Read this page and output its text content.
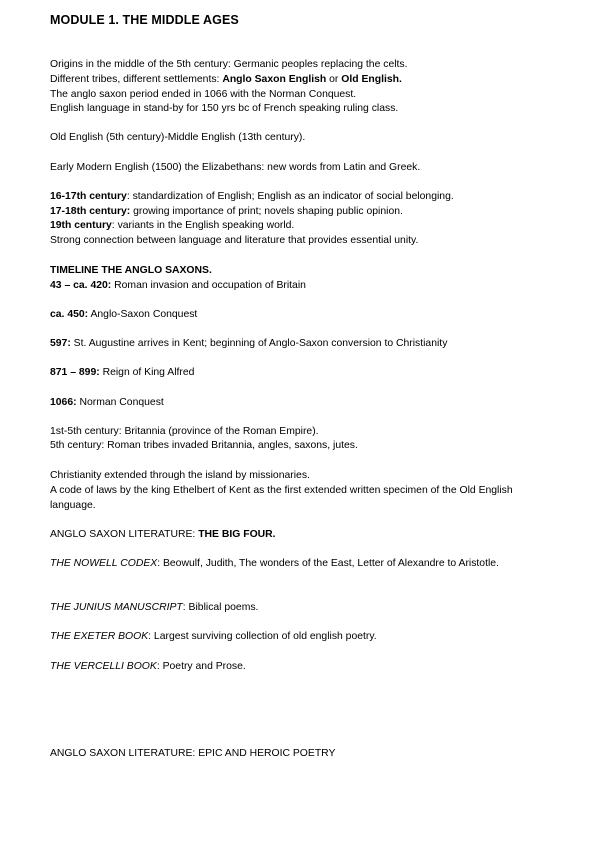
MODULE 1. THE MIDDLE AGES
Origins in the middle of the 5th century: Germanic peoples replacing the celts.
Different tribes, different settlements: Anglo Saxon English or Old English.
The anglo saxon period ended in 1066 with the Norman Conquest.
English language in stand-by for 150 yrs bc of French speaking ruling class.
Old English (5th century)-Middle English (13th century).
Early Modern English (1500) the Elizabethans: new words from Latin and Greek.
16-17th century: standardization of English; English as an indicator of social belonging.
17-18th century: growing importance of print; novels shaping public opinion.
19th century: variants in the English speaking world.
Strong connection between language and literature that provides essential unity.
TIMELINE THE ANGLO SAXONS.
43 – ca. 420: Roman invasion and occupation of Britain
ca. 450: Anglo-Saxon Conquest
597: St. Augustine arrives in Kent; beginning of Anglo-Saxon conversion to Christianity
871 – 899: Reign of King Alfred
1066: Norman Conquest
1st-5th century: Britannia (province of the Roman Empire).
5th century: Roman tribes invaded Britannia, angles, saxons, jutes.
Christianity extended through the island by missionaries.
A code of laws by the king Ethelbert of Kent as the first extended written specimen of the Old English language.
ANGLO SAXON LITERATURE: THE BIG FOUR.
THE NOWELL CODEX: Beowulf, Judith, The wonders of the East, Letter of Alexandre to Aristotle.
THE JUNIUS MANUSCRIPT: Biblical poems.
THE EXETER BOOK: Largest surviving collection of old english poetry.
THE VERCELLI BOOK: Poetry and Prose.
ANGLO SAXON LITERATURE: EPIC AND HEROIC POETRY
